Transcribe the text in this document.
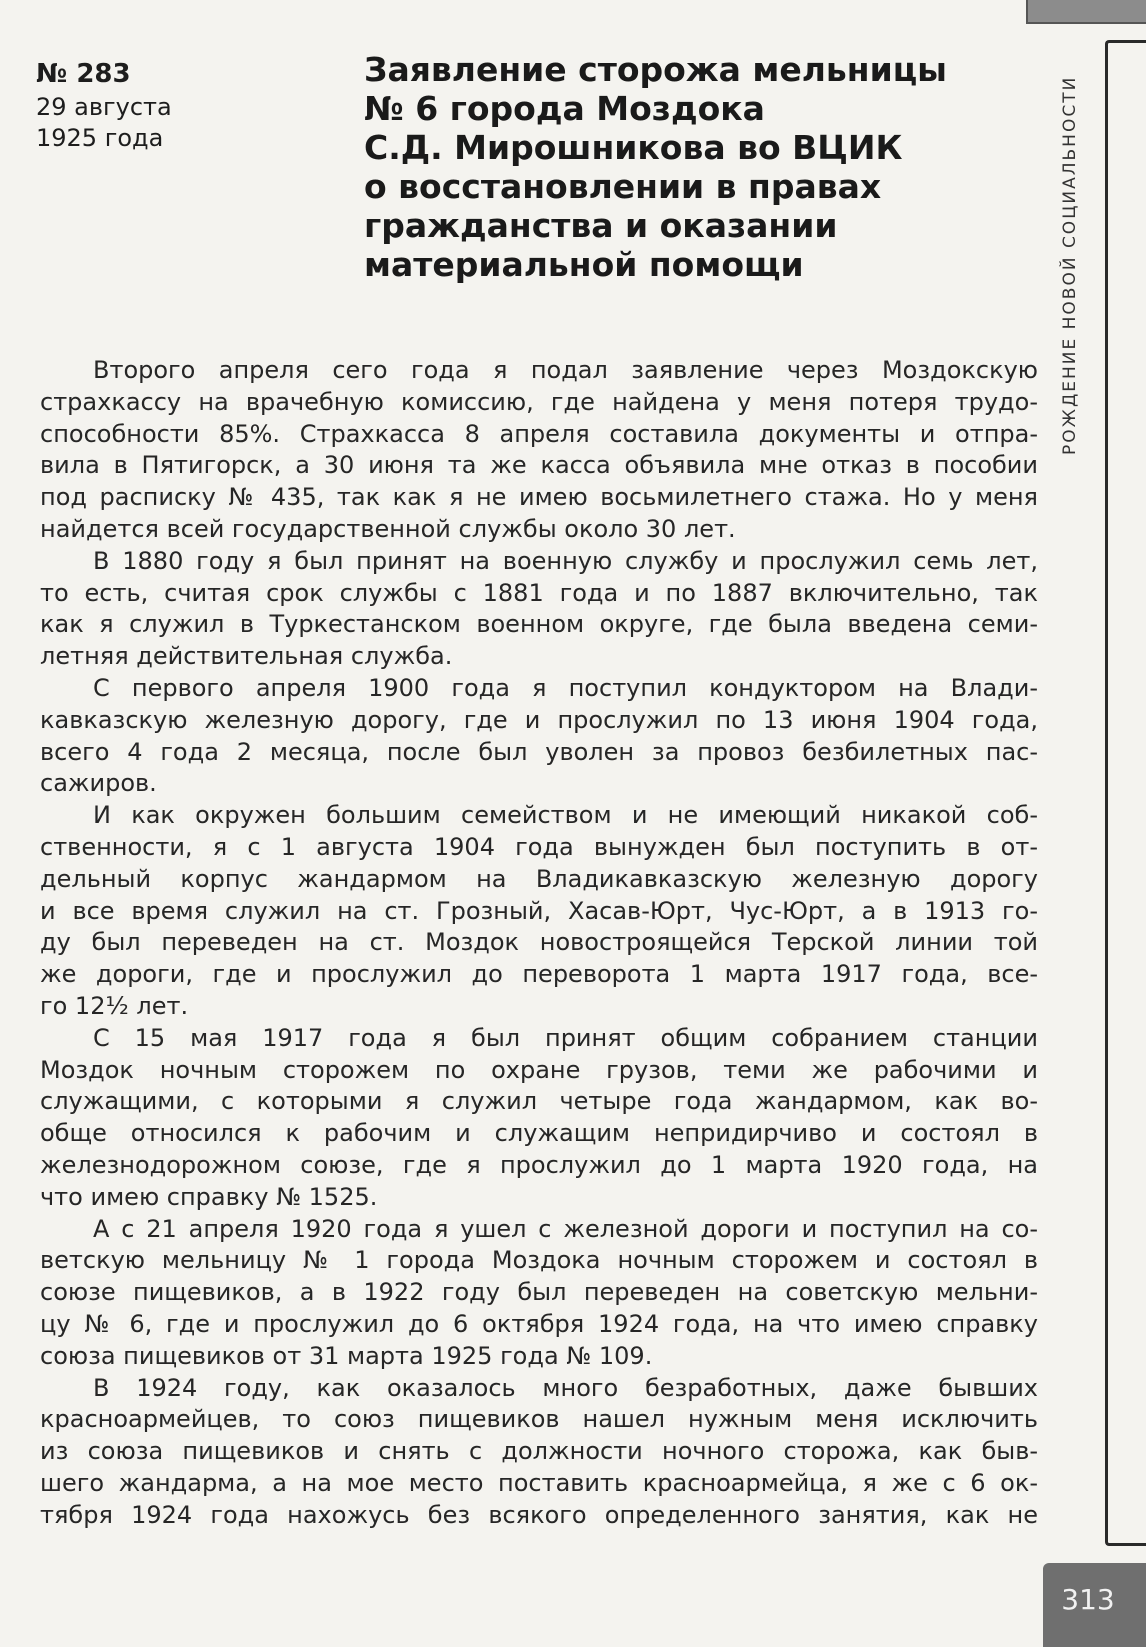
РОЖДЕНИЕ НОВОЙ СОЦИАЛЬНОСТИ
№ 283
29 августа
1925 года
Заявление сторожа мельницы
№ 6 города Моздока
С.Д. Мирошникова во ВЦИК
о восстановлении в правах
гражданства и оказании
материальной помощи
Второго апреля сего года я подал заявление через Моздокскую
страхкассу на врачебную комиссию, где найдена у меня потеря трудо-
способности 85%. Страхкасса 8 апреля составила документы и отпра-
вила в Пятигорск, а 30 июня та же касса объявила мне отказ в пособии
под расписку № 435, так как я не имею восьмилетнего стажа. Но у меня
найдется всей государственной службы около 30 лет.
В 1880 году я был принят на военную службу и прослужил семь лет,
то есть, считая срок службы с 1881 года и по 1887 включительно, так
как я служил в Туркестанском военном округе, где была введена семи-
летняя действительная служба.
С первого апреля 1900 года я поступил кондуктором на Влади-
кавказскую железную дорогу, где и прослужил по 13 июня 1904 года,
всего 4 года 2 месяца, после был уволен за провоз безбилетных пас-
сажиров.
И как окружен большим семейством и не имеющий никакой соб-
ственности, я с 1 августа 1904 года вынужден был поступить в от-
дельный корпус жандармом на Владикавказскую железную дорогу
и все время служил на ст. Грозный, Хасав-Юрт, Чус-Юрт, а в 1913 го-
ду был переведен на ст. Моздок новостроящейся Терской линии той
же дороги, где и прослужил до переворота 1 марта 1917 года, все-
го 12½ лет.
С 15 мая 1917 года я был принят общим собранием станции
Моздок ночным сторожем по охране грузов, теми же рабочими и
служащими, с которыми я служил четыре года жандармом, как во-
обще относился к рабочим и служащим непридирчиво и состоял в
железнодорожном союзе, где я прослужил до 1 марта 1920 года, на
что имею справку № 1525.
А с 21 апреля 1920 года я ушел с железной дороги и поступил на со-
ветскую мельницу № 1 города Моздока ночным сторожем и состоял в
союзе пищевиков, а в 1922 году был переведен на советскую мельни-
цу № 6, где и прослужил до 6 октября 1924 года, на что имею справку
союза пищевиков от 31 марта 1925 года № 109.
В 1924 году, как оказалось много безработных, даже бывших
красноармейцев, то союз пищевиков нашел нужным меня исключить
из союза пищевиков и снять с должности ночного сторожа, как быв-
шего жандарма, а на мое место поставить красноармейца, я же с 6 ок-
тября 1924 года нахожусь без всякого определенного занятия, как не
313
